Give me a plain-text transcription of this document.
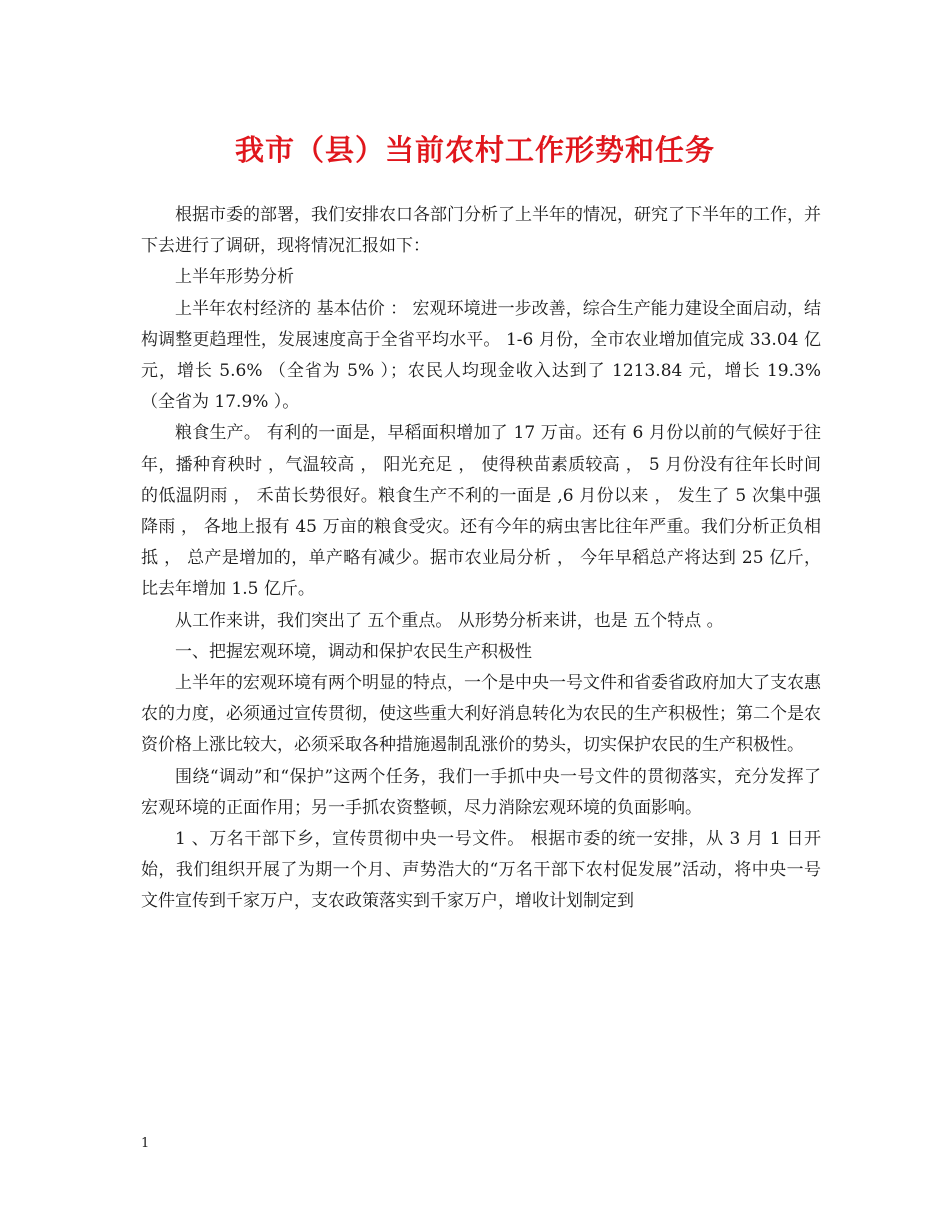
我市（县）当前农村工作形势和任务

根据市委的部署，我们安排农口各部门分析了上半年的情况，研究了下半年的工作，并下去进行了调研，现将情况汇报如下：

上半年形势分析

上半年农村经济的 基本估价 ： 宏观环境进一步改善，综合生产能力建设全面启动，结构调整更趋理性，发展速度高于全省平均水平。 1-6 月份，全市农业增加值完成 33.04 亿元，增长 5.6% （全省为 5% ）；农民人均现金收入达到了 1213.84 元，增长 19.3% （全省为 17.9% ）。

粮食生产。 有利的一面是，早稻面积增加了 17 万亩。还有 6 月份以前的气候好于往年，播种育秧时 ，气温较高 ， 阳光充足 ， 使得秧苗素质较高 ， 5 月份没有往年长时间的低温阴雨 ， 禾苗长势很好。粮食生产不利的一面是 ,6 月份以来 ， 发生了 5 次集中强降雨 ， 各地上报有 45 万亩的粮食受灾。还有今年的病虫害比往年严重。我们分析正负相抵 ， 总产是增加的，单产略有减少。据市农业局分析 ， 今年早稻总产将达到 25 亿斤，比去年增加 1.5 亿斤。

从工作来讲，我们突出了 五个重点。 从形势分析来讲，也是 五个特点 。

一、把握宏观环境，调动和保护农民生产积极性

上半年的宏观环境有两个明显的特点，一个是中央一号文件和省委省政府加大了支农惠农的力度，必须通过宣传贯彻，使这些重大利好消息转化为农民的生产积极性；第二个是农资价格上涨比较大，必须采取各种措施遏制乱涨价的势头，切实保护农民的生产积极性。

围绕“调动”和“保护”这两个任务，我们一手抓中央一号文件的贯彻落实，充分发挥了宏观环境的正面作用；另一手抓农资整顿，尽力消除宏观环境的负面影响。

1 、万名干部下乡，宣传贯彻中央一号文件。 根据市委的统一安排，从 3 月 1 日开始，我们组织开展了为期一个月、声势浩大的“万名干部下农村促发展”活动，将中央一号文件宣传到千家万户，支农政策落实到千家万户，增收计划制定到

1
